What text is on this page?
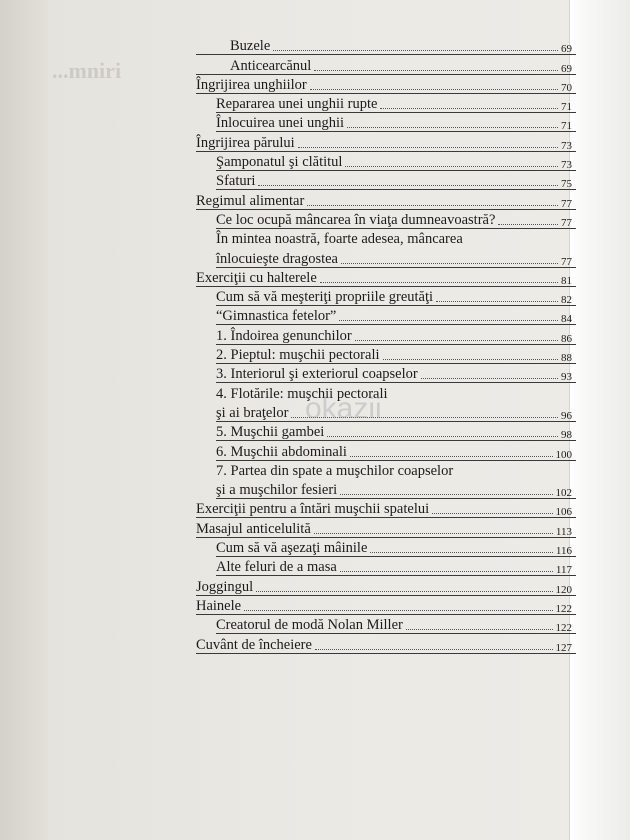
...mniri
Buzele	69
Anticearcănul	69
Îngrijirea unghiilor	70
Repararea unei unghii rupte	71
Înlocuirea unei unghii	71
Îngrijirea părului	73
Şamponatul şi clătitul	73
Sfaturi	75
Regimul alimentar	77
Ce loc ocupă mâncarea în viaţa dumneavoastră?	77
În mintea noastră, foarte adesea, mâncarea
înlocuieşte dragostea	77
Exerciţii cu halterele	81
Cum să vă meşteriţi propriile greutăţi	82
“Gimnastica fetelor”	84
1. Îndoirea genunchilor	86
2. Pieptul: muşchii pectorali	88
3. Interiorul şi exteriorul coapselor	93
4. Flotările: muşchii pectorali
şi ai braţelor	96
5. Muşchii gambei	98
6. Muşchii abdominali	100
7. Partea din spate a muşchilor coapselor
şi a muşchilor fesieri	102
Exerciţii pentru a întări muşchii spatelui	106
Masajul anticelulită	113
Cum să vă aşezaţi mâinile	116
Alte feluri de a masa	117
Joggingul	120
Hainele	122
Creatorul de modă Nolan Miller	122
Cuvânt de încheiere	127
okazii
